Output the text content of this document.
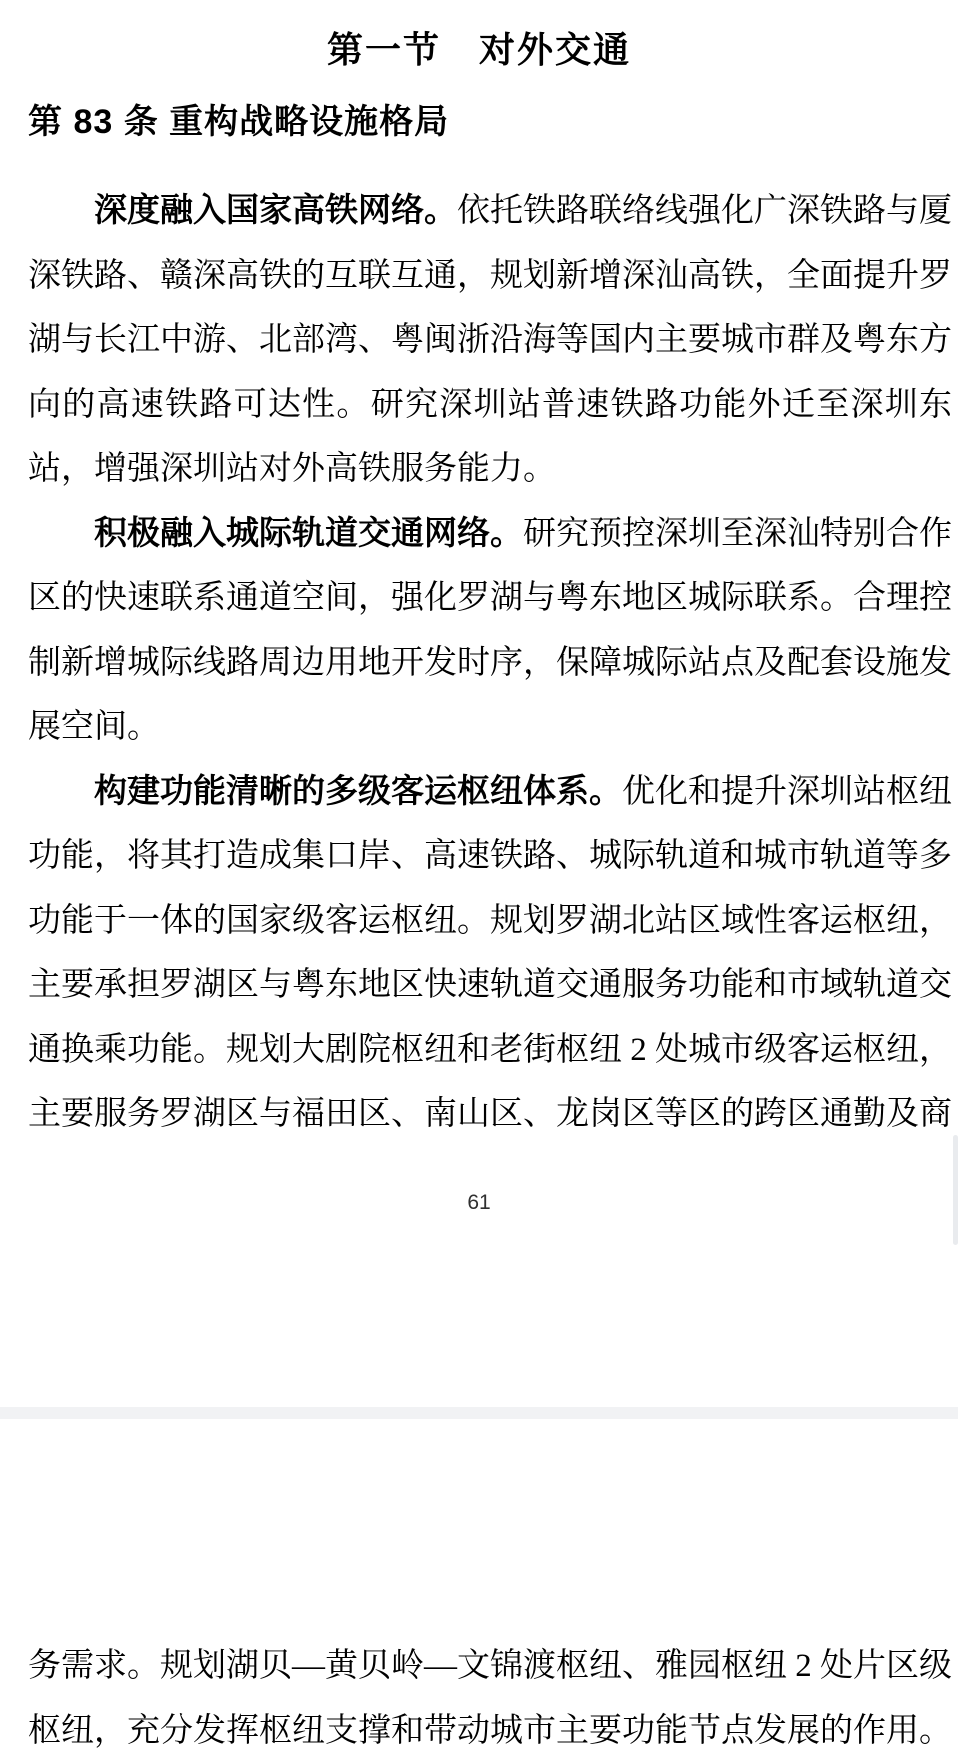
第一节　对外交通
第 83 条 重构战略设施格局

深度融入国家高铁网络。依托铁路联络线强化广深铁路与厦深铁路、赣深高铁的互联互通，规划新增深汕高铁，全面提升罗湖与长江中游、北部湾、粤闽浙沿海等国内主要城市群及粤东方向的高速铁路可达性。研究深圳站普速铁路功能外迁至深圳东站，增强深圳站对外高铁服务能力。

积极融入城际轨道交通网络。研究预控深圳至深汕特别合作区的快速联系通道空间，强化罗湖与粤东地区城际联系。合理控制新增城际线路周边用地开发时序，保障城际站点及配套设施发展空间。

构建功能清晰的多级客运枢纽体系。优化和提升深圳站枢纽功能，将其打造成集口岸、高速铁路、城际轨道和城市轨道等多功能于一体的国家级客运枢纽。规划罗湖北站区域性客运枢纽，主要承担罗湖区与粤东地区快速轨道交通服务功能和市域轨道交通换乘功能。规划大剧院枢纽和老街枢纽 2 处城市级客运枢纽，主要服务罗湖区与福田区、南山区、龙岗区等区的跨区通勤及商

61

务需求。规划湖贝—黄贝岭—文锦渡枢纽、雅园枢纽 2 处片区级枢纽，充分发挥枢纽支撑和带动城市主要功能节点发展的作用。
